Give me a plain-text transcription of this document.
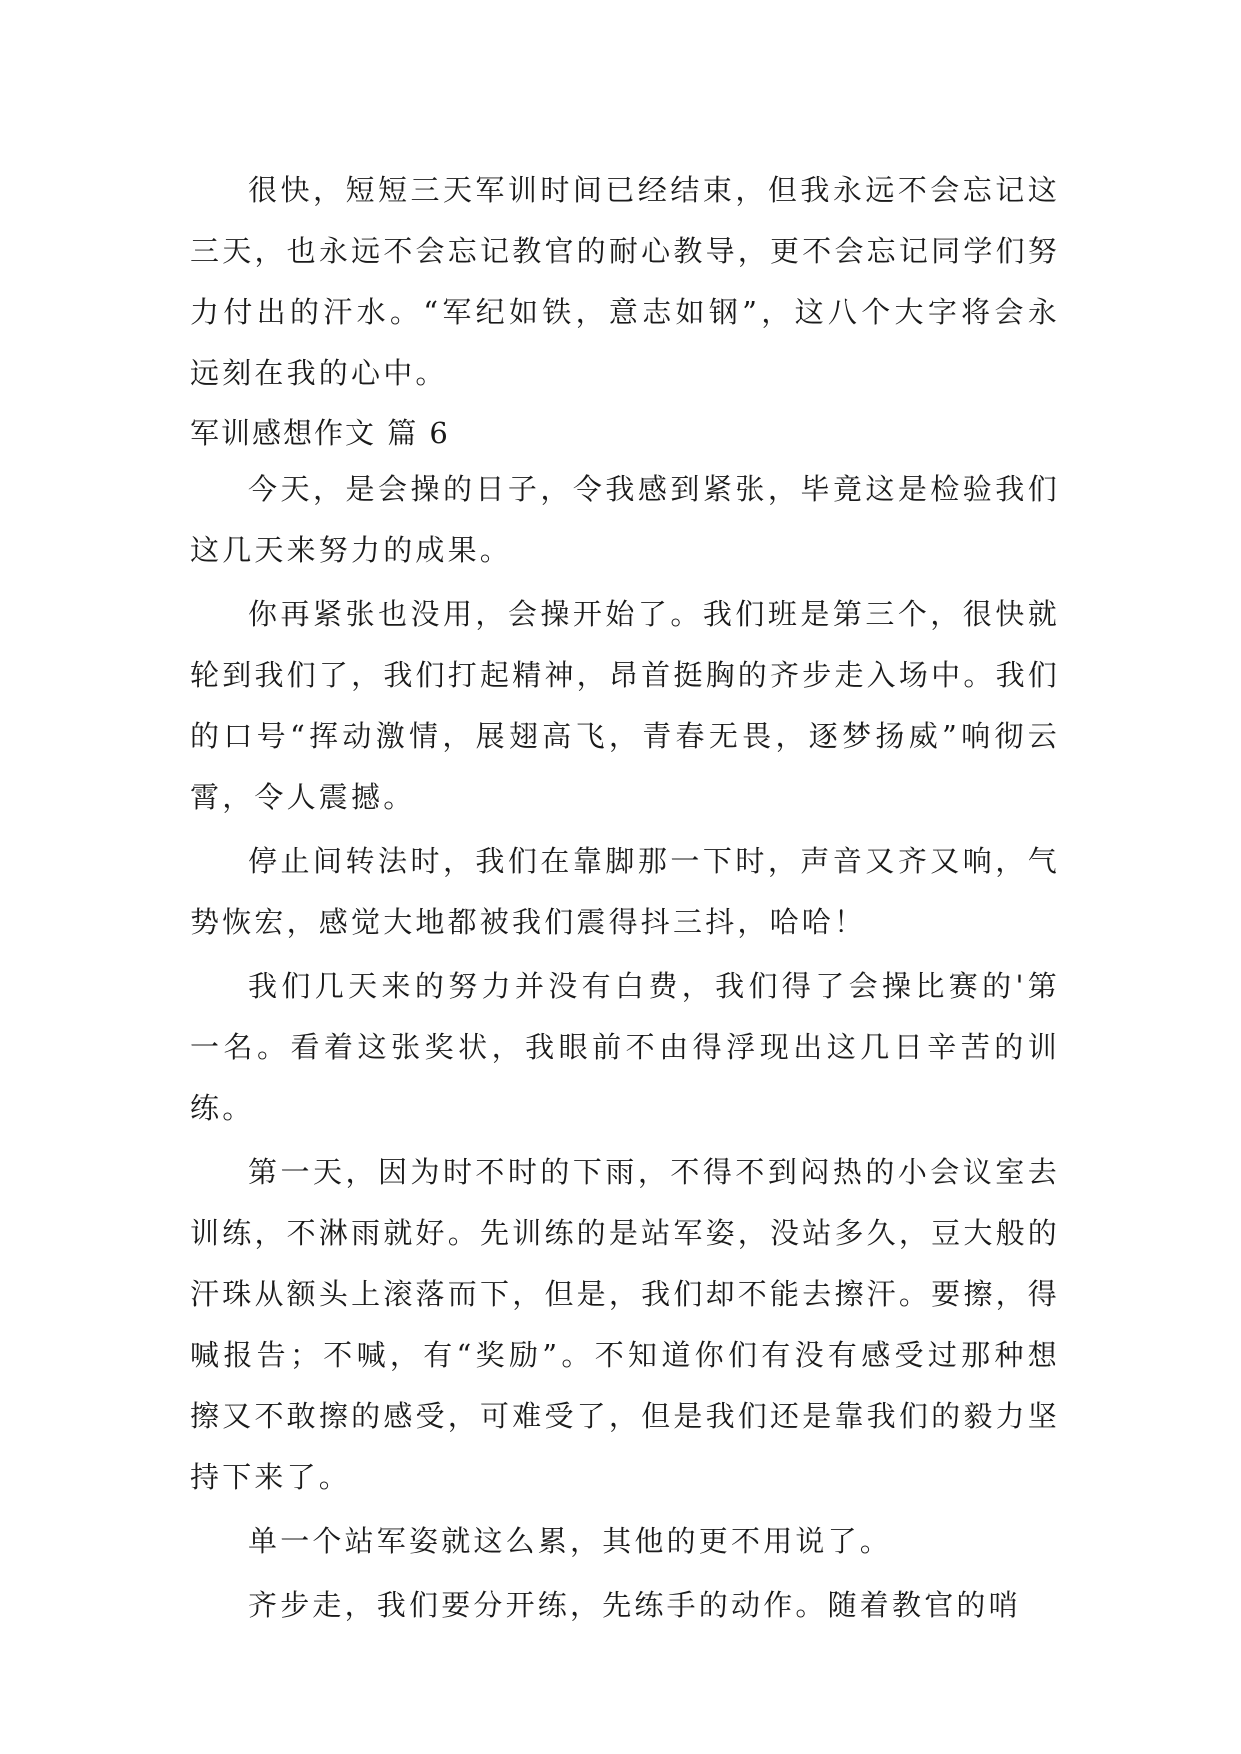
很快，短短三天军训时间已经结束，但我永远不会忘记这三天，也永远不会忘记教官的耐心教导，更不会忘记同学们努力付出的汗水。“军纪如铁，意志如钢”，这八个大字将会永远刻在我的心中。

军训感想作文 篇 6

今天，是会操的日子，令我感到紧张，毕竟这是检验我们这几天来努力的成果。

你再紧张也没用，会操开始了。我们班是第三个，很快就轮到我们了，我们打起精神，昂首挺胸的齐步走入场中。我们的口号“挥动激情，展翅高飞，青春无畏，逐梦扬威”响彻云霄，令人震撼。

停止间转法时，我们在靠脚那一下时，声音又齐又响，气势恢宏，感觉大地都被我们震得抖三抖，哈哈！

我们几天来的努力并没有白费，我们得了会操比赛的'第一名。看着这张奖状，我眼前不由得浮现出这几日辛苦的训练。

第一天，因为时不时的下雨，不得不到闷热的小会议室去训练，不淋雨就好。先训练的是站军姿，没站多久，豆大般的汗珠从额头上滚落而下，但是，我们却不能去擦汗。要擦，得喊报告；不喊，有“奖励”。不知道你们有没有感受过那种想擦又不敢擦的感受，可难受了，但是我们还是靠我们的毅力坚持下来了。

单一个站军姿就这么累，其他的更不用说了。

齐步走，我们要分开练，先练手的动作。随着教官的哨
